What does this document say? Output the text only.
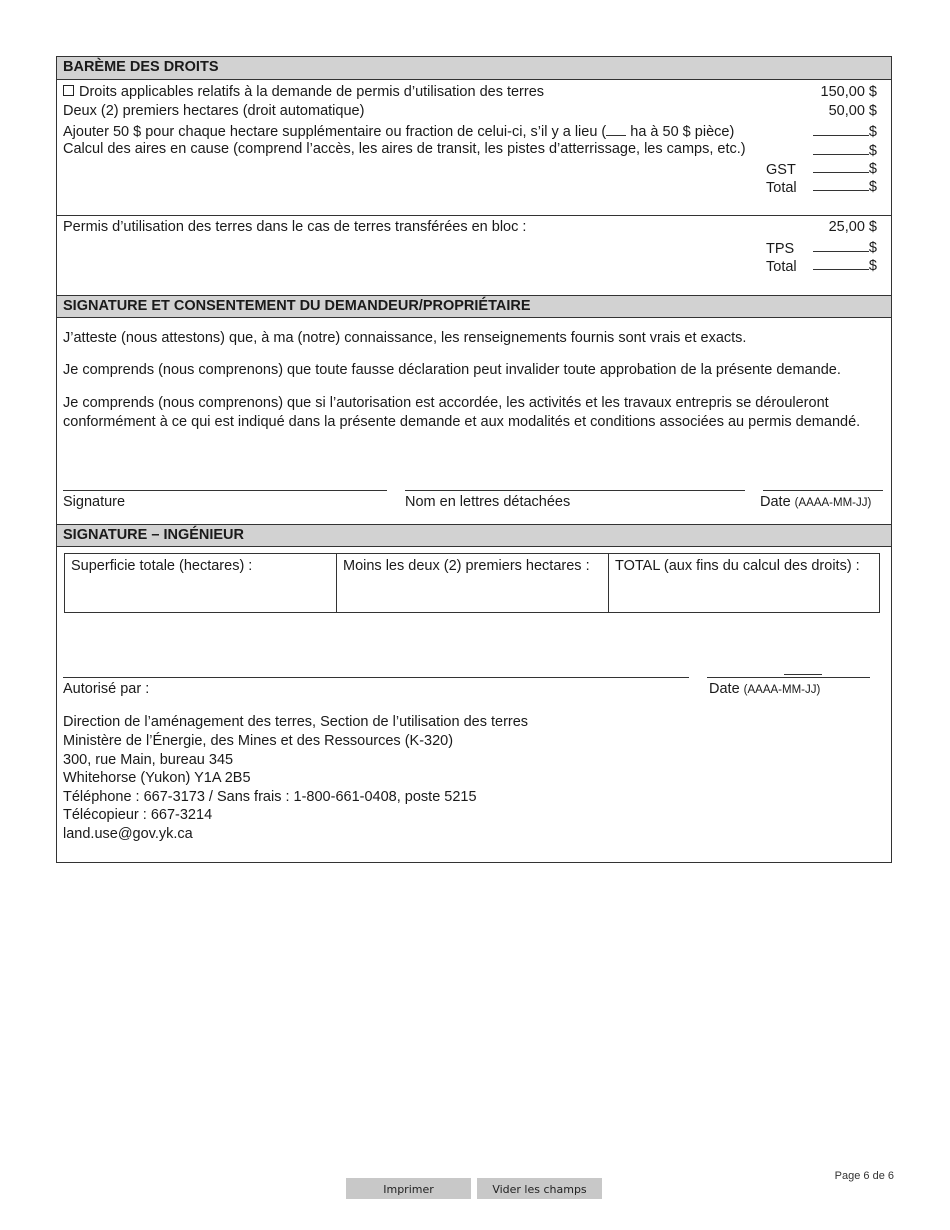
BARÈME DES DROITS
Droits applicables relatifs à la demande de permis d’utilisation des terres	150,00 $
Deux (2) premiers hectares (droit automatique)	50,00 $
Ajouter 50 $ pour chaque hectare supplémentaire ou fraction de celui-ci, s’il y a lieu ( ha à 50 $ pièce)	$
Calcul des aires en cause (comprend l’accès, les aires de transit, les pistes d’atterrissage, les camps, etc.)	$
GST	$
Total	$
Permis d’utilisation des terres dans le cas de terres transférées en bloc :	25,00 $
TPS	$
Total	$
SIGNATURE ET CONSENTEMENT DU DEMANDEUR/PROPRIÉTAIRE
J’atteste (nous attestons) que, à ma (notre) connaissance, les renseignements fournis sont vrais et exacts.
Je comprends (nous comprenons) que toute fausse déclaration peut invalider toute approbation de la présente demande.
Je comprends (nous comprenons) que si l’autorisation est accordée, les activités et les travaux entrepris se dérouleront
conformément à ce qui est indiqué dans la présente demande et aux modalités et conditions associées au permis demandé.
Signature	Nom en lettres détachées	Date (AAAA-MM-JJ)
SIGNATURE – INGÉNIEUR
Superficie totale (hectares) :	Moins les deux (2) premiers hectares :	TOTAL (aux fins du calcul des droits) :
Autorisé par :	Date (AAAA-MM-JJ)
Direction de l’aménagement des terres, Section de l’utilisation des terres
Ministère de l’Énergie, des Mines et des Ressources (K-320)
300, rue Main, bureau 345
Whitehorse (Yukon) Y1A 2B5
Téléphone : 667-3173 / Sans frais : 1-800-661-0408, poste 5215
Télécopieur : 667-3214
land.use@gov.yk.ca
Page 6 de 6
Imprimer	Vider les champs
